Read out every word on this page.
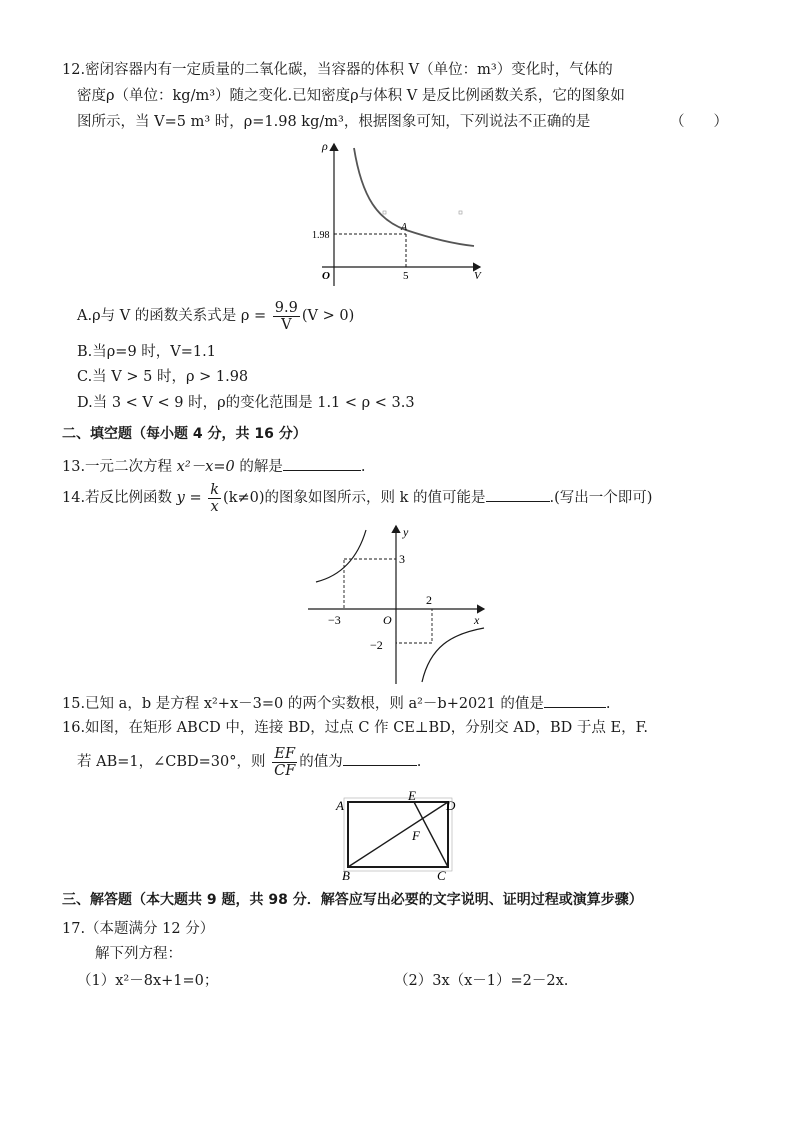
12.密闭容器内有一定质量的二氧化碳，当容器的体积 V（单位：m³）变化时，气体的
密度ρ（单位：kg/m³）随之变化.已知密度ρ与体积 V 是反比例函数关系，它的图象如
图所示，当 V=5 m³ 时，ρ=1.98 kg/m³，根据图象可知，下列说法不正确的是	（　　）
ρ
1.98
A
O	5	V
A.ρ与 V 的函数关系式是 $\rho = \frac{9.9}{V} (V > 0)$
B.当ρ=9 时，V=1.1
C.当 V > 5 时，ρ > 1.98
D.当 3 < V < 9 时，ρ的变化范围是 1.1 < ρ < 3.3
二、填空题（每小题 4 分，共 16 分）
13.一元二次方程 x²－x=0 的解是	.
14.若反比例函数 $y = \frac{k}{x} (k\ne 0)$的图象如图所示，则 k 的值可能是	.(写出一个即可)
y
3
2
−3	O	x
−2
15.已知 a，b 是方程 x²+x－3=0 的两个实数根，则 a²－b+2021 的值是	.
16.如图，在矩形 ABCD 中，连接 BD，过点 C 作 CE⊥BD，分别交 AD，BD 于点 E，F.
若 AB=1，∠CBD=30°，则 $\frac{EF}{CF}$ 的值为	.
A
E
D
F
B	C
三、解答题（本大题共 9 题，共 98 分．解答应写出必要的文字说明、证明过程或演算步骤）
17.（本题满分 12 分）
解下列方程：
（1）x²－8x+1=0；	（2）3x（x－1）=2－2x.
